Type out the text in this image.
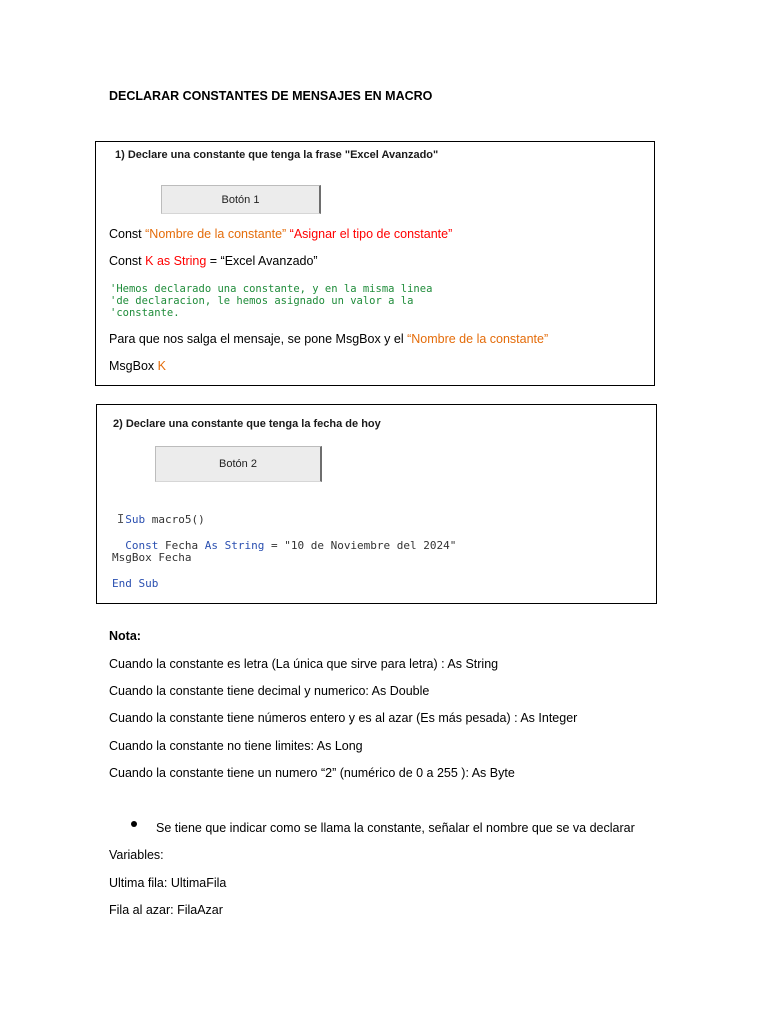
DECLARAR CONSTANTES DE MENSAJES EN MACRO
1) Declare una constante que tenga la frase "Excel Avanzado"
Botón 1
Const “Nombre de la constante” “Asignar el tipo de constante”
Const K as String = “Excel Avanzado”
'Hemos declarado una constante, y en la misma linea
'de declaracion, le hemos asignado un valor a la
'constante.
Para que nos salga el mensaje, se pone MsgBox y el “Nombre de la constante”
MsgBox K
2) Declare una constante que tenga la fecha de hoy
Botón 2

Sub macro5()

I

Const Fecha As String = "10 de Noviembre del 2024"

MsgBox Fecha
End Sub
Nota:
Cuando la constante es letra (La única que sirve para letra) : As String
Cuando la constante tiene decimal y numerico: As Double
Cuando la constante tiene números entero y es al azar (Es más pesada) : As Integer
Cuando la constante no tiene limites: As Long
Cuando la constante tiene un numero “2” (numérico de 0 a 255 ): As Byte
Se tiene que indicar como se llama la constante, señalar el nombre que se va declarar
Variables:
Ultima fila: UltimaFila
Fila al azar: FilaAzar
